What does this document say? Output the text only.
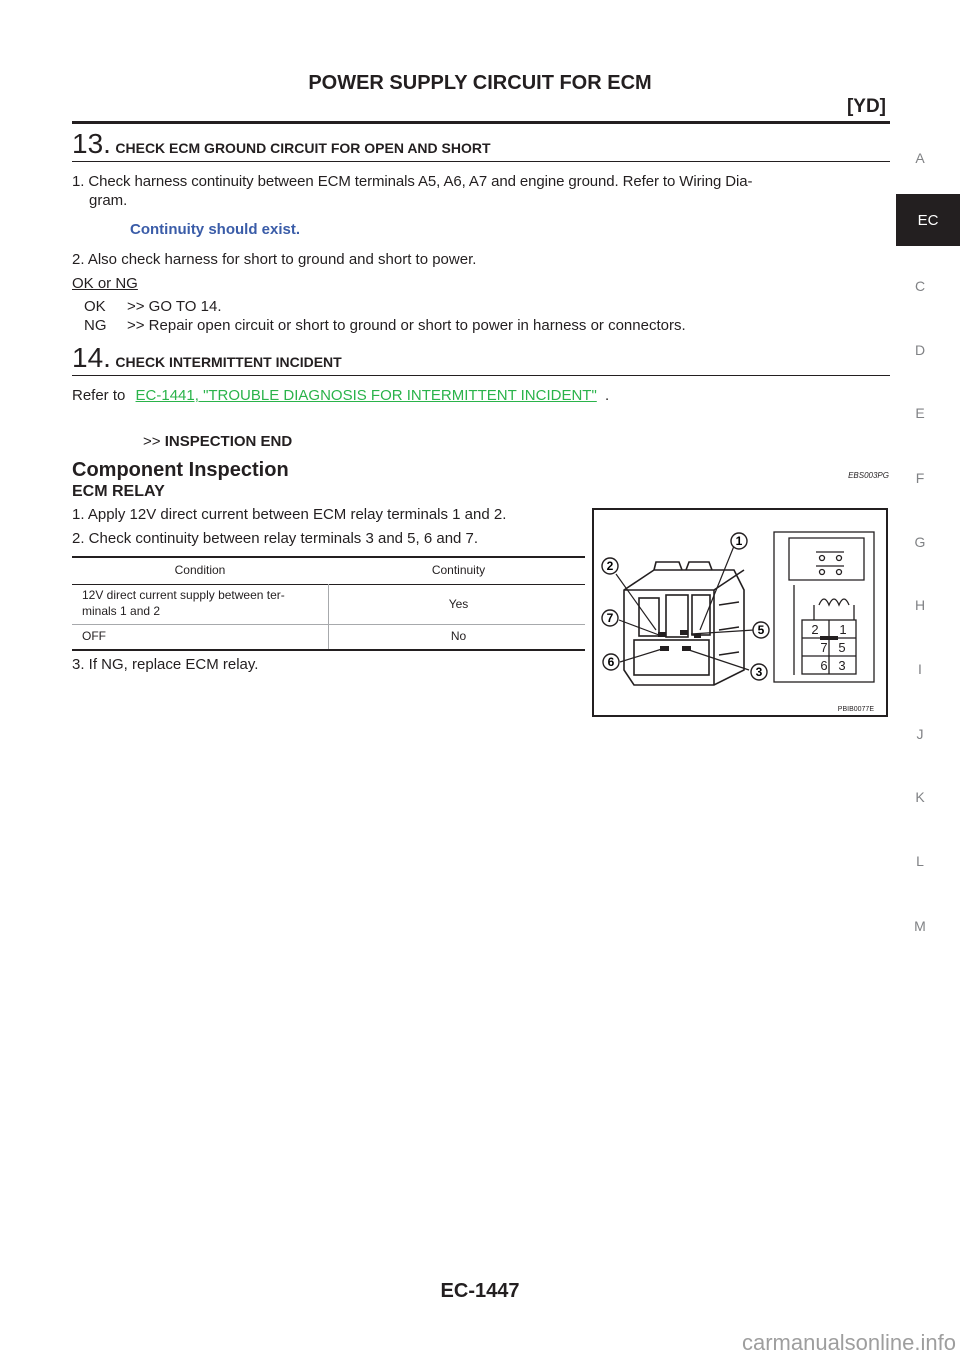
POWER SUPPLY CIRCUIT FOR ECM
[YD]
13. CHECK ECM GROUND CIRCUIT FOR OPEN AND SHORT
1. Check harness continuity between ECM terminals A5, A6, A7 and engine ground. Refer to Wiring Dia-
gram.
Continuity should exist.
2. Also check harness for short to ground and short to power.
OK or NG
OK >> GO TO 14.
NG >> Repair open circuit or short to ground or short to power in harness or connectors.
14. CHECK INTERMITTENT INCIDENT
Refer to EC-1441, "TROUBLE DIAGNOSIS FOR INTERMITTENT INCIDENT" .
>> INSPECTION END
Component Inspection	EBS003PG
ECM RELAY
1. Apply 12V direct current between ECM relay terminals 1 and 2.
2. Check continuity between relay terminals 3 and 5, 6 and 7.
Condition	Continuity
12V direct current supply between ter-
minals 1 and 2	Yes
OFF	No
3. If NG, replace ECM relay.
1
2
7
5
6
3
2 1
7 5
6 3
PBIB0077E
A
EC
C
D
E
F
G
H
I
J
K
L
M
EC-1447
carmanualsonline.info
